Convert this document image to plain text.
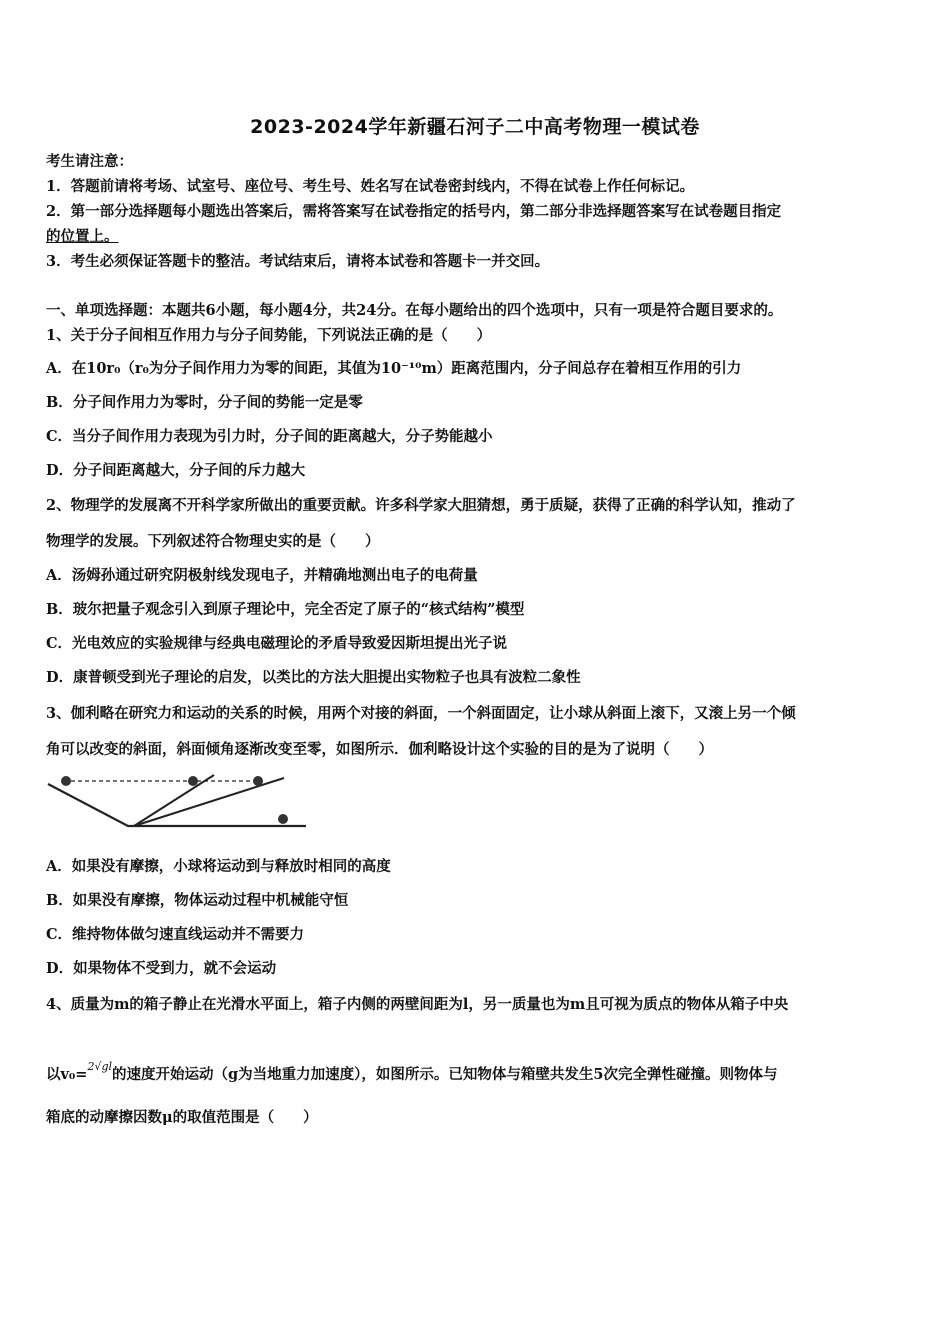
2023-2024学年新疆石河子二中高考物理一模试卷
考生请注意：
1．答题前请将考场、试室号、座位号、考生号、姓名写在试卷密封线内，不得在试卷上作任何标记。
2．第一部分选择题每小题选出答案后，需将答案写在试卷指定的括号内，第二部分非选择题答案写在试卷题目指定
的位置上。
3．考生必须保证答题卡的整洁。考试结束后，请将本试卷和答题卡一并交回。
一、单项选择题：本题共6小题，每小题4分，共24分。在每小题给出的四个选项中，只有一项是符合题目要求的。
1、关于分子间相互作用力与分子间势能，下列说法正确的是（　　）
A．在10r₀（r₀为分子间作用力为零的间距，其值为10⁻¹⁰m）距离范围内，分子间总存在着相互作用的引力
B．分子间作用力为零时，分子间的势能一定是零
C．当分子间作用力表现为引力时，分子间的距离越大，分子势能越小
D．分子间距离越大，分子间的斥力越大
2、物理学的发展离不开科学家所做出的重要贡献。许多科学家大胆猜想，勇于质疑，获得了正确的科学认知，推动了
物理学的发展。下列叙述符合物理史实的是（　　）
A．汤姆孙通过研究阴极射线发现电子，并精确地测出电子的电荷量
B．玻尔把量子观念引入到原子理论中，完全否定了原子的“核式结构”模型
C．光电效应的实验规律与经典电磁理论的矛盾导致爱因斯坦提出光子说
D．康普顿受到光子理论的启发，以类比的方法大胆提出实物粒子也具有波粒二象性
3、伽利略在研究力和运动的关系的时候，用两个对接的斜面，一个斜面固定，让小球从斜面上滚下，又滚上另一个倾
角可以改变的斜面，斜面倾角逐渐改变至零，如图所示．伽利略设计这个实验的目的是为了说明（　　）
A．如果没有摩擦，小球将运动到与释放时相同的高度
B．如果没有摩擦，物体运动过程中机械能守恒
C．维持物体做匀速直线运动并不需要力
D．如果物体不受到力，就不会运动
4、质量为m的箱子静止在光滑水平面上，箱子内侧的两壁间距为l，另一质量也为m且可视为质点的物体从箱子中央
以v₀=$^{2√gl}$的速度开始运动（g为当地重力加速度），如图所示。已知物体与箱壁共发生5次完全弹性碰撞。则物体与
箱底的动摩擦因数μ的取值范围是（　　）
